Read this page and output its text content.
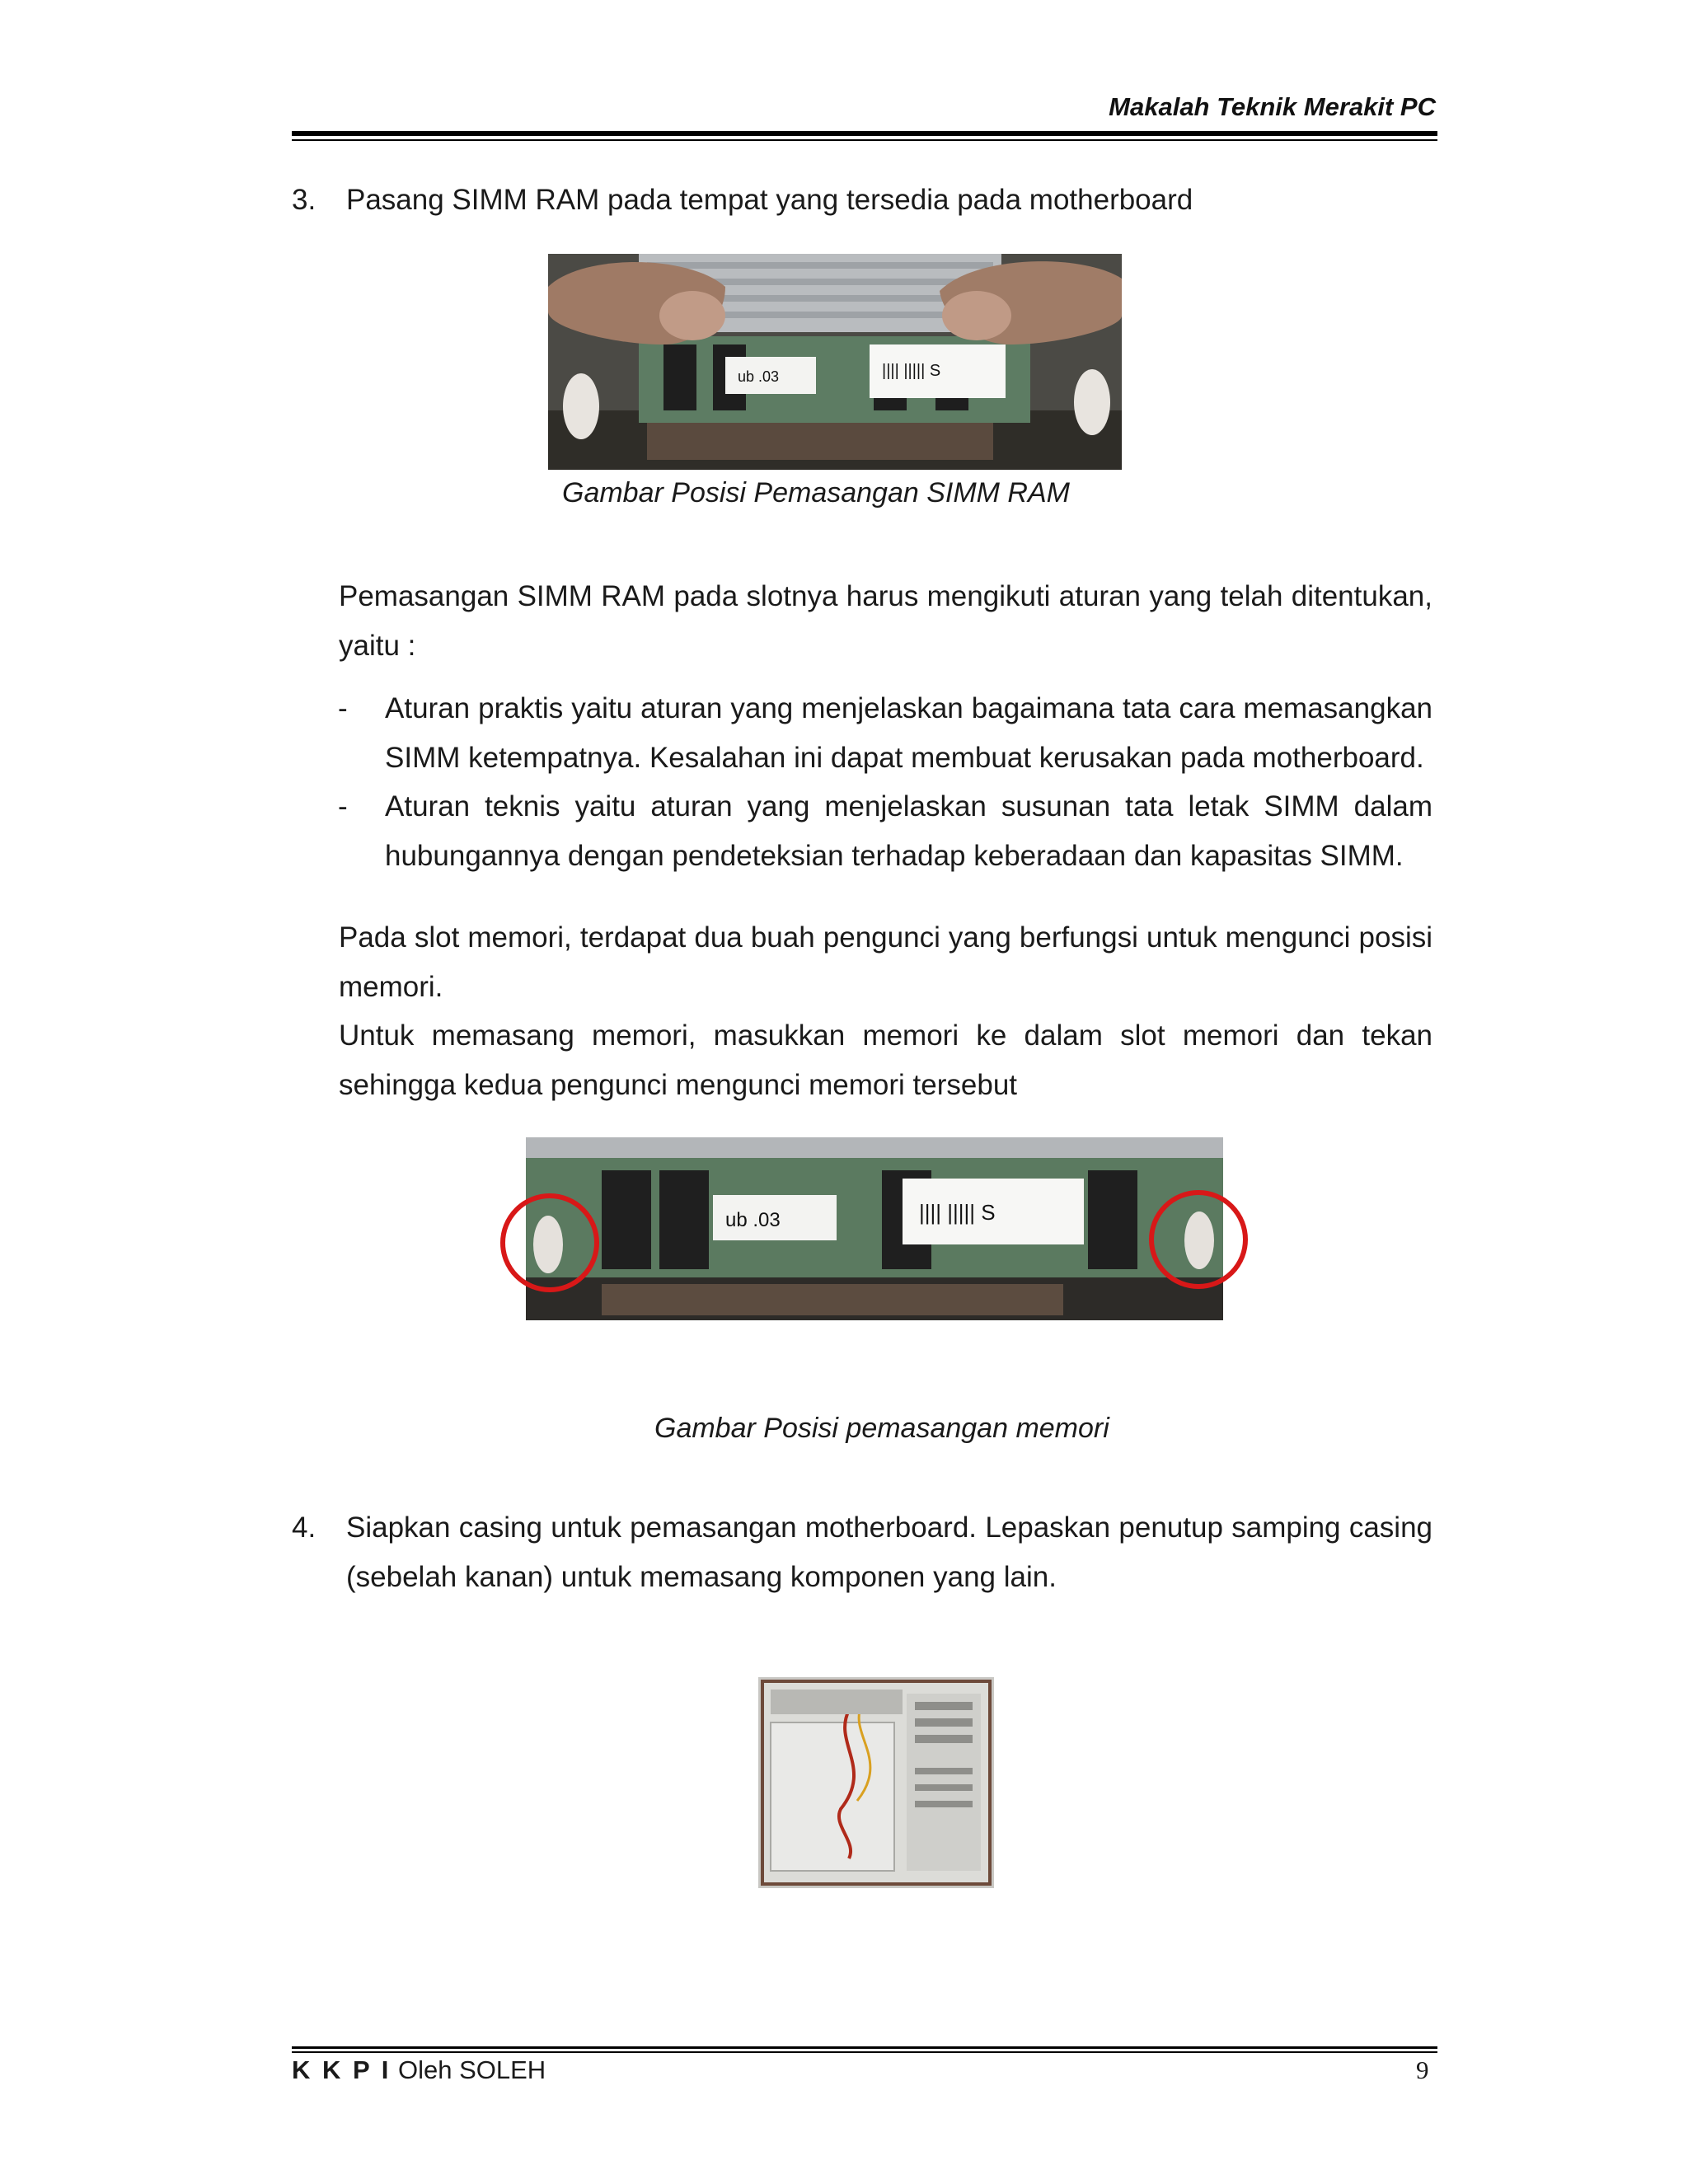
Makalah Teknik Merakit PC
3. Pasang SIMM RAM pada tempat yang tersedia pada motherboard
ub .03	|||| ||||| S
Gambar Posisi Pemasangan SIMM RAM
Pemasangan SIMM RAM pada slotnya harus mengikuti aturan yang telah ditentukan, yaitu :
- Aturan praktis yaitu aturan yang menjelaskan bagaimana tata cara memasangkan SIMM ketempatnya. Kesalahan ini dapat membuat kerusakan pada motherboard.
- Aturan teknis yaitu aturan yang menjelaskan susunan tata letak SIMM dalam hubungannya dengan pendeteksian terhadap keberadaan dan kapasitas SIMM.
Pada slot memori, terdapat dua buah pengunci yang berfungsi untuk mengunci posisi memori.
Untuk memasang memori, masukkan memori ke dalam slot memori dan tekan sehingga kedua pengunci mengunci memori tersebut
ub .03	|||| ||||| S
Gambar Posisi pemasangan memori
4. Siapkan casing untuk pemasangan motherboard. Lepaskan penutup samping casing (sebelah kanan) untuk memasang komponen yang lain.
K K P I Oleh SOLEH	9
